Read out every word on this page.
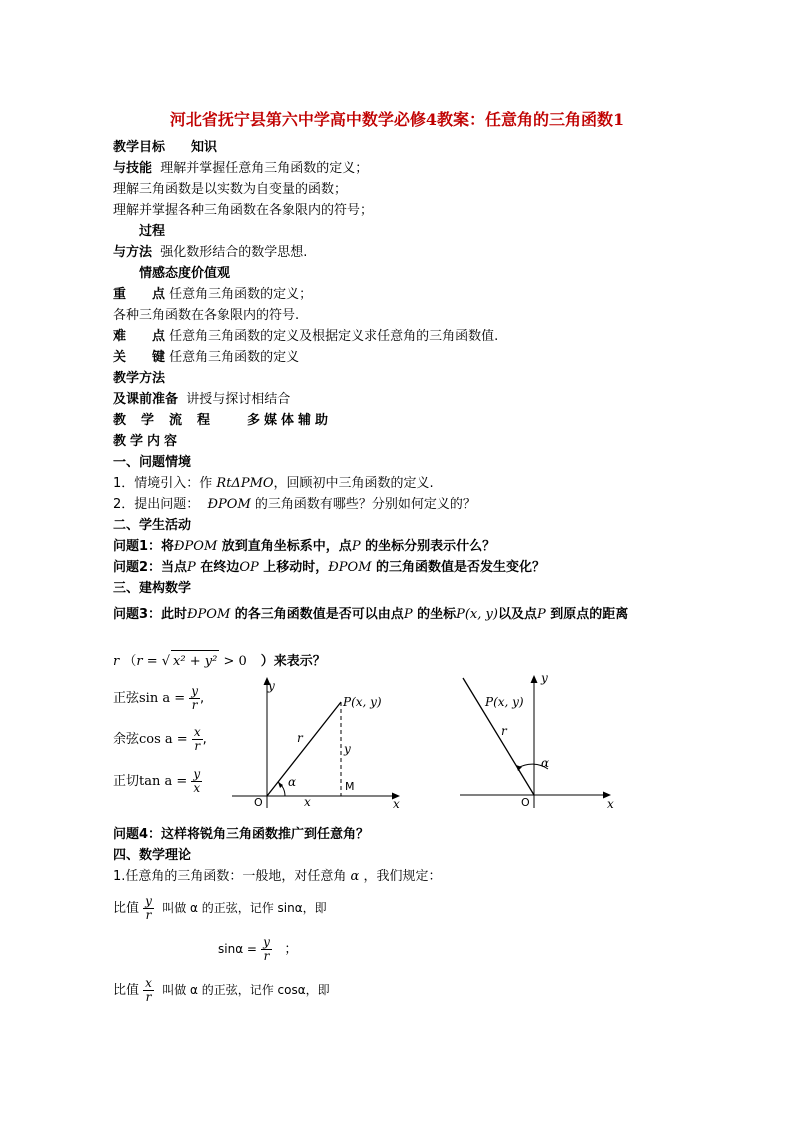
河北省抚宁县第六中学高中数学必修4教案：任意角的三角函数1
教学目标 知识
与技能 理解并掌握任意角三角函数的定义；
理解三角函数是以实数为自变量的函数；
理解并掌握各种三角函数在各象限内的符号；
过程
与方法 强化数形结合的数学思想.
情感态度价值观
重 点 任意角三角函数的定义；
各种三角函数在各象限内的符号.
难 点 任意角三角函数的定义及根据定义求任意角的三角函数值.
关 键 任意角三角函数的定义
教学方法
及课前准备 讲授与探讨相结合
教　学　流　程	多媒体辅助
教学内容
一、问题情境
1．情境引入：作 RtΔPMO，回顾初中三角函数的定义.
2．提出问题： ÐPOM 的三角函数有哪些？分别如何定义的？
二、学生活动
问题1：将ÐPOM 放到直角坐标系中，点P 的坐标分别表示什么？
问题2：当点P 在终边OP 上移动时，ÐPOM 的三角函数值是否发生变化？
三、建构数学
问题3：此时ÐPOM 的各三角函数值是否可以由点P 的坐标P(x, y)以及点P 到原点的距离
r （r = √ x² + y² > 0 ）来表示？
正弦$\sin a = \frac{y}{r}$ ,
余弦$\cos a = \frac{x}{r}$ ,
正切$\tan a = \frac{y}{x}$
y
x
O
M
x
P(x, y)
r
y
α
y
x
O
P(x, y)
r
α
问题4：这样将锐角三角函数推广到任意角？
四、数学理论
1.任意角的三角函数：一般地，对任意角 α ，我们规定：
比值 $\frac{y}{r}$ 叫做 α 的正弦，记作 sinα，即
$\sin\alpha = \frac{y}{r}$ ；
比值 $\frac{x}{r}$ 叫做 α 的正弦，记作 cosα，即
